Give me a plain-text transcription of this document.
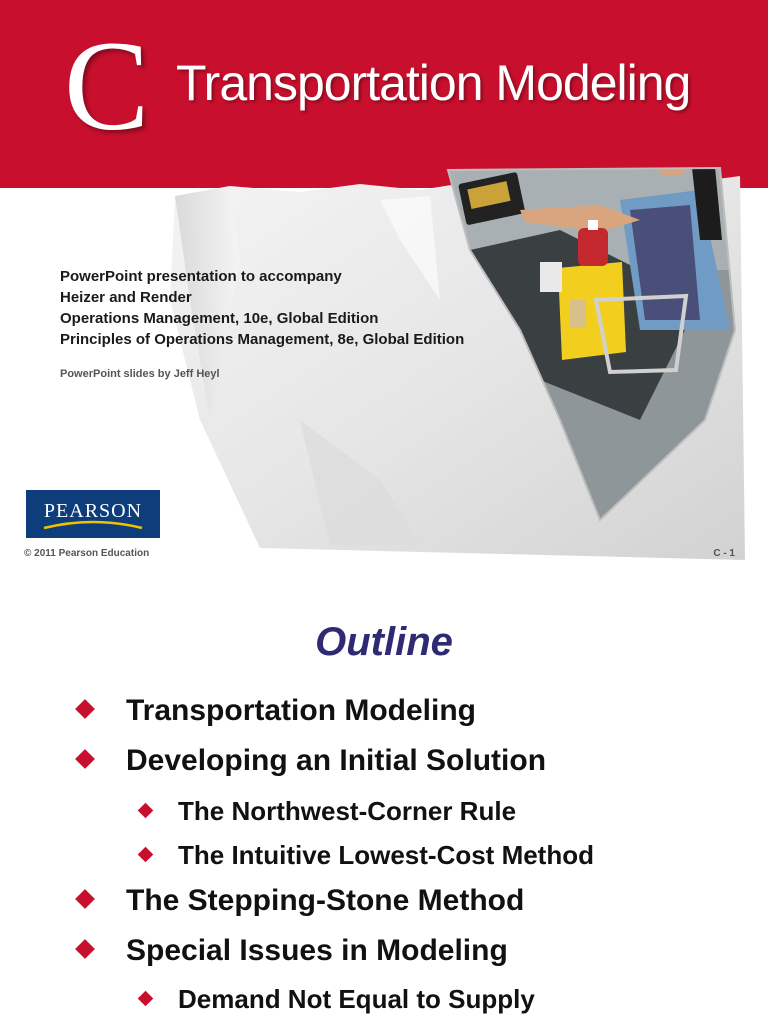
C Transportation Modeling
PowerPoint presentation to accompany
Heizer and Render
Operations Management, 10e, Global Edition
Principles of Operations Management, 8e, Global Edition
PowerPoint slides by Jeff Heyl
PEARSON
© 2011 Pearson Education	C - 1
Outline
Transportation Modeling
Developing an Initial Solution
The Northwest-Corner Rule
The Intuitive Lowest-Cost Method
The Stepping-Stone Method
Special Issues in Modeling
Demand Not Equal to Supply
